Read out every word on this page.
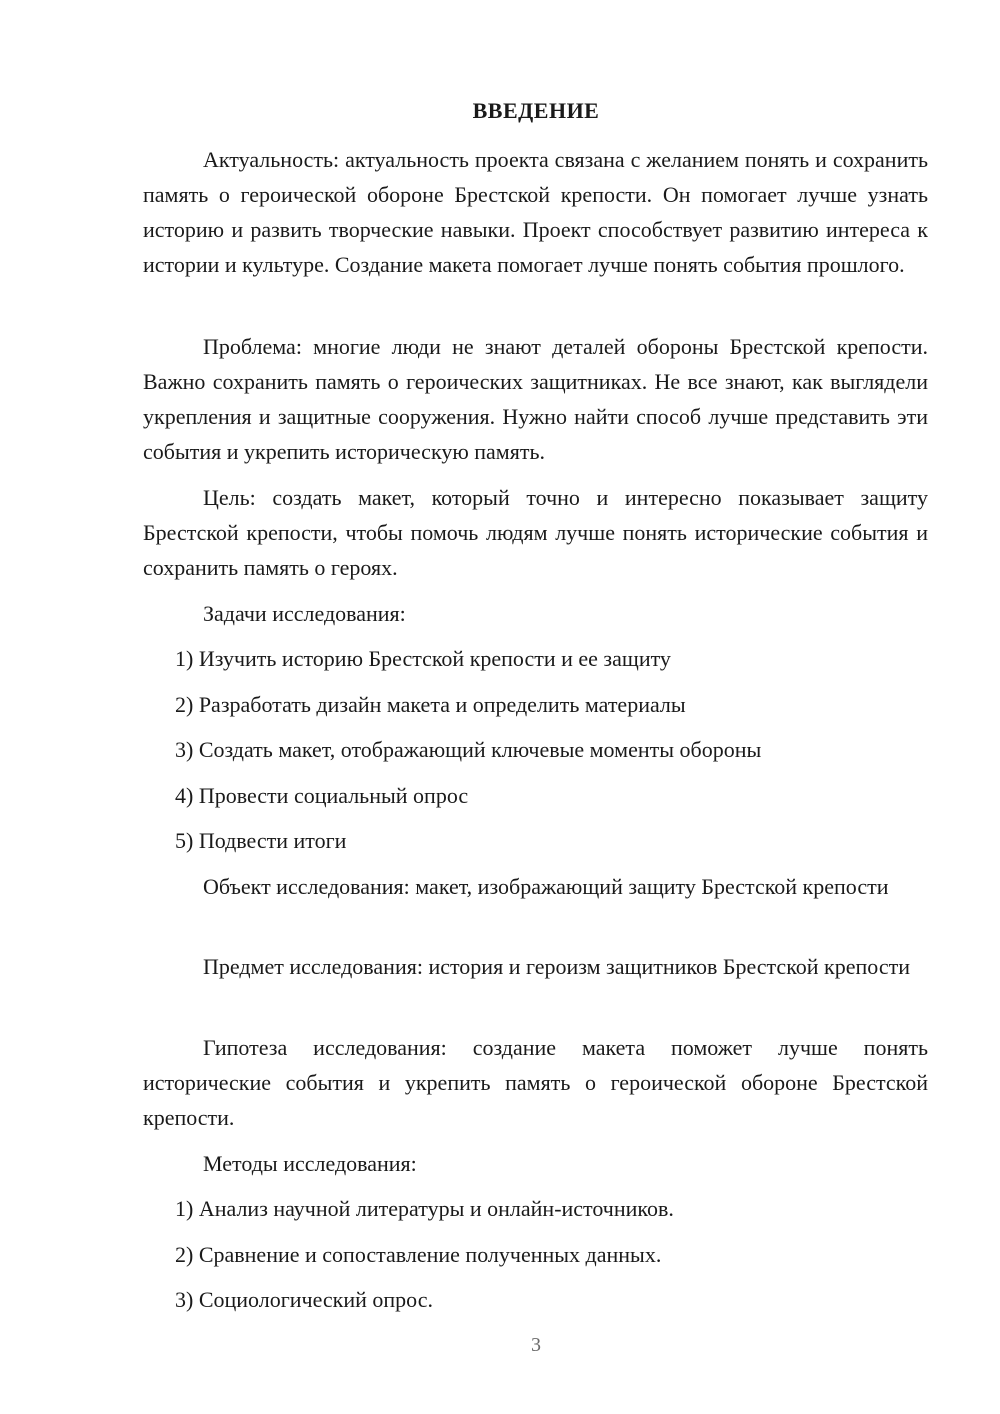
ВВЕДЕНИЕ

Актуальность: актуальность проекта связана с желанием понять и сохранить память о героической обороне Брестской крепости. Он помогает лучше узнать историю и развить творческие навыки. Проект способствует развитию интереса к истории и культуре. Создание макета помогает лучше понять события прошлого.

Проблема: многие люди не знают деталей обороны Брестской крепости. Важно сохранить память о героических защитниках. Не все знают, как выглядели укрепления и защитные сооружения. Нужно найти способ лучше представить эти события и укрепить историческую память.

Цель: создать макет, который точно и интересно показывает защиту Брестской крепости, чтобы помочь людям лучше понять исторические события и сохранить память о героях.

Задачи исследования:

1) Изучить историю Брестской крепости и ее защиту

2) Разработать дизайн макета и определить материалы

3) Создать макет, отображающий ключевые моменты обороны

4) Провести социальный опрос

5) Подвести итоги

Объект исследования: макет, изображающий защиту Брестской крепости

Предмет исследования: история и героизм защитников Брестской крепости

Гипотеза исследования: создание макета поможет лучше понять исторические события и укрепить память о героической обороне Брестской крепости.

Методы исследования:

1) Анализ научной литературы и онлайн-источников.

2) Сравнение и сопоставление полученных данных.

3) Социологический опрос.

3
